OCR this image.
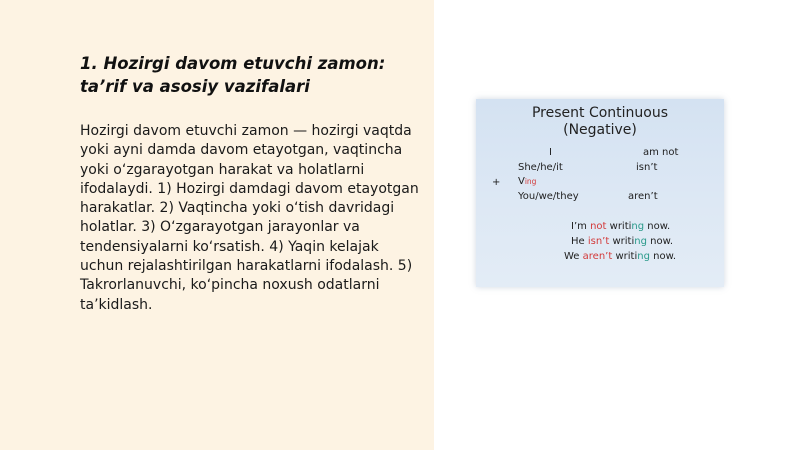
1. Hozirgi davom etuvchi zamon: ta’rif va asosiy vazifalari

Hozirgi davom etuvchi zamon — hozirgi vaqtda yoki ayni damda davom etayotgan, vaqtincha yoki o‘zgarayotgan harakat va holatlarni ifodalaydi. 1) Hozirgi damdagi davom etayotgan harakatlar. 2) Vaqtincha yoki o‘tish davridagi holatlar. 3) O‘zgarayotgan jarayonlar va tendensiyalarni ko‘rsatish. 4) Yaqin kelajak uchun rejalashtirilgan harakatlarni ifodalash. 5) Takrorlanuvchi, ko‘pincha noxush odatlarni ta’kidlash.

Present Continuous
(Negative)
I	am not
She/he/it	isn’t
+ Ving
You/we/they	aren’t
I’m not writing now.
He isn’t writing now.
We aren’t writing now.
